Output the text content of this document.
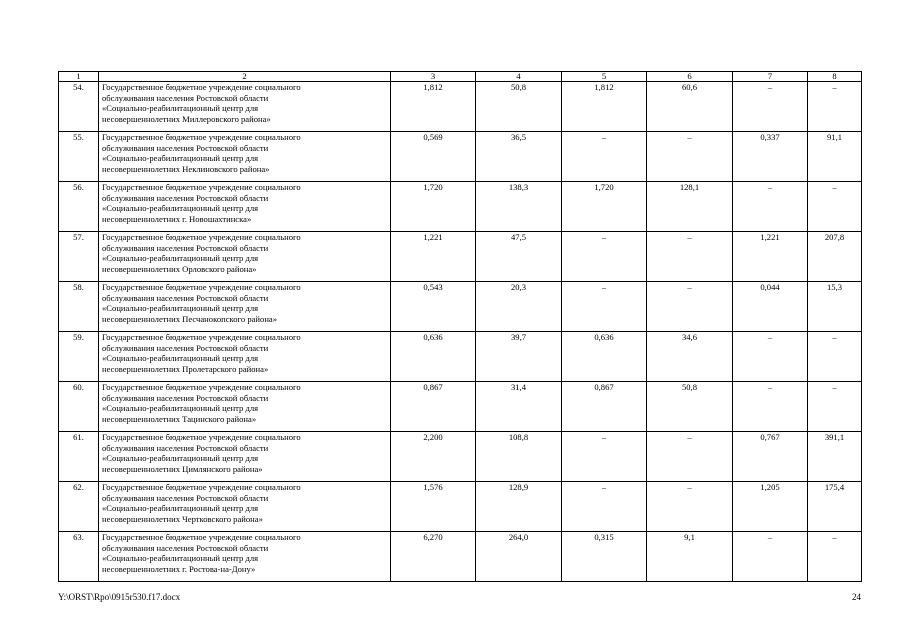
1	2	3	4	5	6	7	8
54.	Государственное бюджетное учреждение социального
обслуживания населения Ростовской области
«Социально-реабилитационный центр для
несовершеннолетних Миллеровского района»	1,812	50,8	1,812	60,6	–	–
55.	Государственное бюджетное учреждение социального
обслуживания населения Ростовской области
«Социально-реабилитационный центр для
несовершеннолетних Неклиновского района»	0,569	36,5	–	–	0,337	91,1
56.	Государственное бюджетное учреждение социального
обслуживания населения Ростовской области
«Социально-реабилитационный центр для
несовершеннолетних г. Новошахтинска»	1,720	138,3	1,720	128,1	–	–
57.	Государственное бюджетное учреждение социального
обслуживания населения Ростовской области
«Социально-реабилитационный центр для
несовершеннолетних Орловского района»	1,221	47,5	–	–	1,221	207,8
58.	Государственное бюджетное учреждение социального
обслуживания населения Ростовской области
«Социально-реабилитационный центр для
несовершеннолетних Песчанокопского района»	0,543	20,3	–	–	0,044	15,3
59.	Государственное бюджетное учреждение социального
обслуживания населения Ростовской области
«Социально-реабилитационный центр для
несовершеннолетних Пролетарского района»	0,636	39,7	0,636	34,6	–	–
60.	Государственное бюджетное учреждение социального
обслуживания населения Ростовской области
«Социально-реабилитационный центр для
несовершеннолетних Тацинского района»	0,867	31,4	0,867	50,8	–	–
61.	Государственное бюджетное учреждение социального
обслуживания населения Ростовской области
«Социально-реабилитационный центр для
несовершеннолетних Цимлянского района»	2,200	108,8	–	–	0,767	391,1
62.	Государственное бюджетное учреждение социального
обслуживания населения Ростовской области
«Социально-реабилитационный центр для
несовершеннолетних Чертковского района»	1,576	128,9	–	–	1,205	175,4
63.	Государственное бюджетное учреждение социального
обслуживания населения Ростовской области
«Социально-реабилитационный центр для
несовершеннолетних г. Ростова-на-Дону»	6,270	264,0	0,315	9,1	–	–
Y:\ORST\Rpo\0915r530.f17.docx	24
